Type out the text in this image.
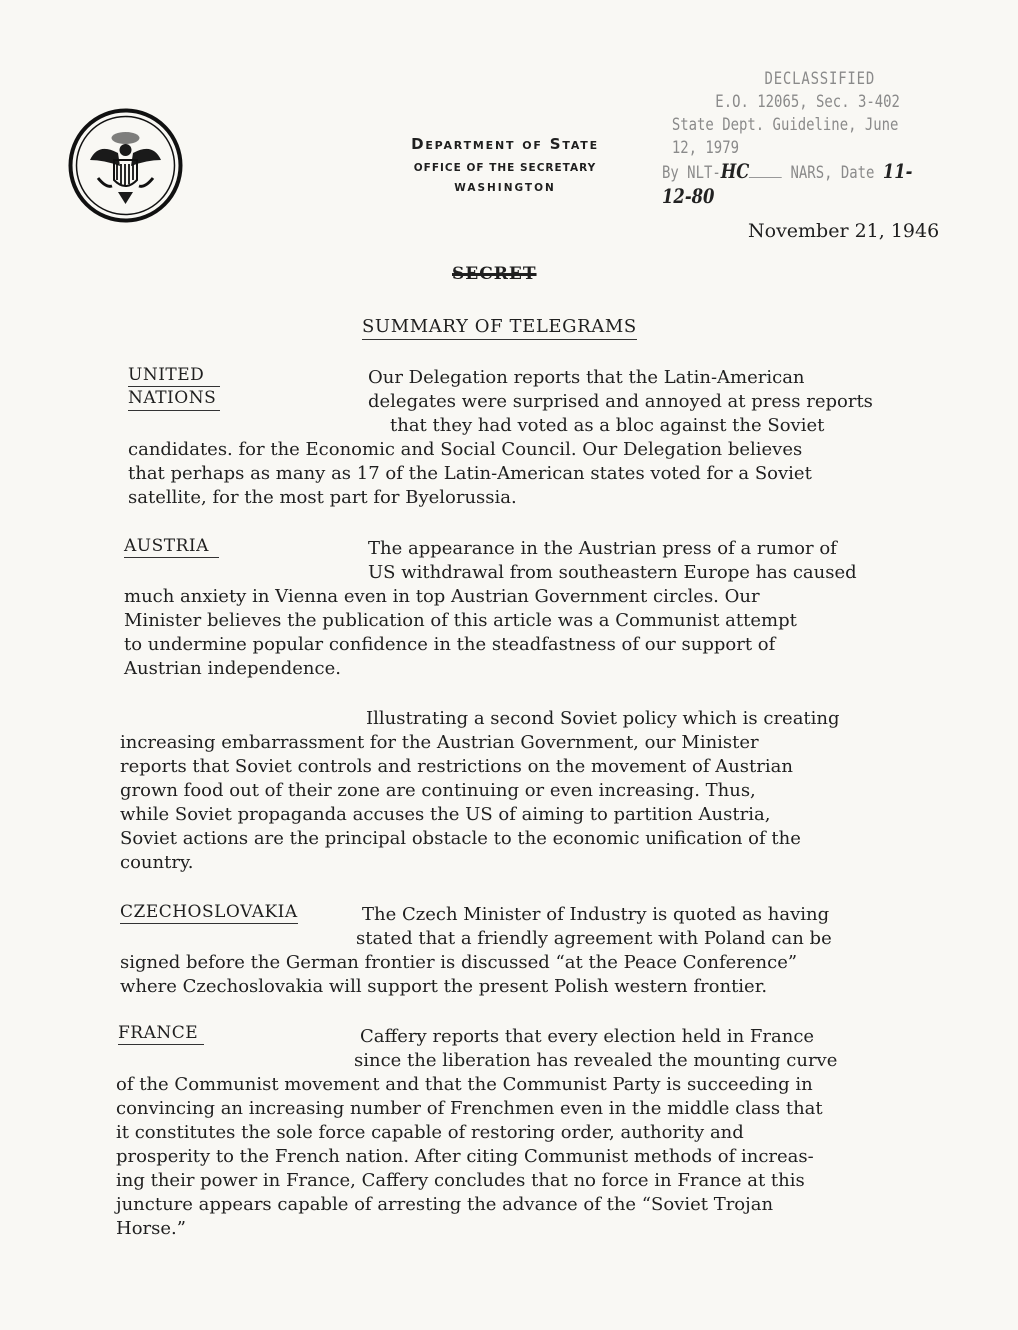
Department of State
OFFICE OF THE SECRETARY
WASHINGTON
DECLASSIFIED
E.O. 12065, Sec. 3-402
State Dept. Guideline, June 12, 1979
By NLT-HC NARS, Date 11-12-80
November 21, 1946
SECRET
SUMMARY OF TELEGRAMS
UNITED
NATIONS

Our Delegation reports that the Latin-American
delegates were surprised and annoyed at press reports
that they had voted as a bloc against the Soviet
candidates. for the Economic and Social Council. Our Delegation believes
that perhaps as many as 17 of the Latin-American states voted for a Soviet
satellite, for the most part for Byelorussia.

AUSTRIA	The appearance in the Austrian press of a rumor of
US withdrawal from southeastern Europe has caused
much anxiety in Vienna even in top Austrian Government circles. Our
Minister believes the publication of this article was a Communist attempt
to undermine popular confidence in the steadfastness of our support of
Austrian independence.

Illustrating a second Soviet policy which is creating
increasing embarrassment for the Austrian Government, our Minister
reports that Soviet controls and restrictions on the movement of Austrian
grown food out of their zone are continuing or even increasing. Thus,
while Soviet propaganda accuses the US of aiming to partition Austria,
Soviet actions are the principal obstacle to the economic unification of the
country.

CZECHOSLOVAKIA	The Czech Minister of Industry is quoted as having
stated that a friendly agreement with Poland can be
signed before the German frontier is discussed “at the Peace Conference”
where Czechoslovakia will support the present Polish western frontier.

FRANCE	Caffery reports that every election held in France
since the liberation has revealed the mounting curve
of the Communist movement and that the Communist Party is succeeding in
convincing an increasing number of Frenchmen even in the middle class that
it constitutes the sole force capable of restoring order, authority and
prosperity to the French nation. After citing Communist methods of increas-
ing their power in France, Caffery concludes that no force in France at this
juncture appears capable of arresting the advance of the “Soviet Trojan
Horse.”
